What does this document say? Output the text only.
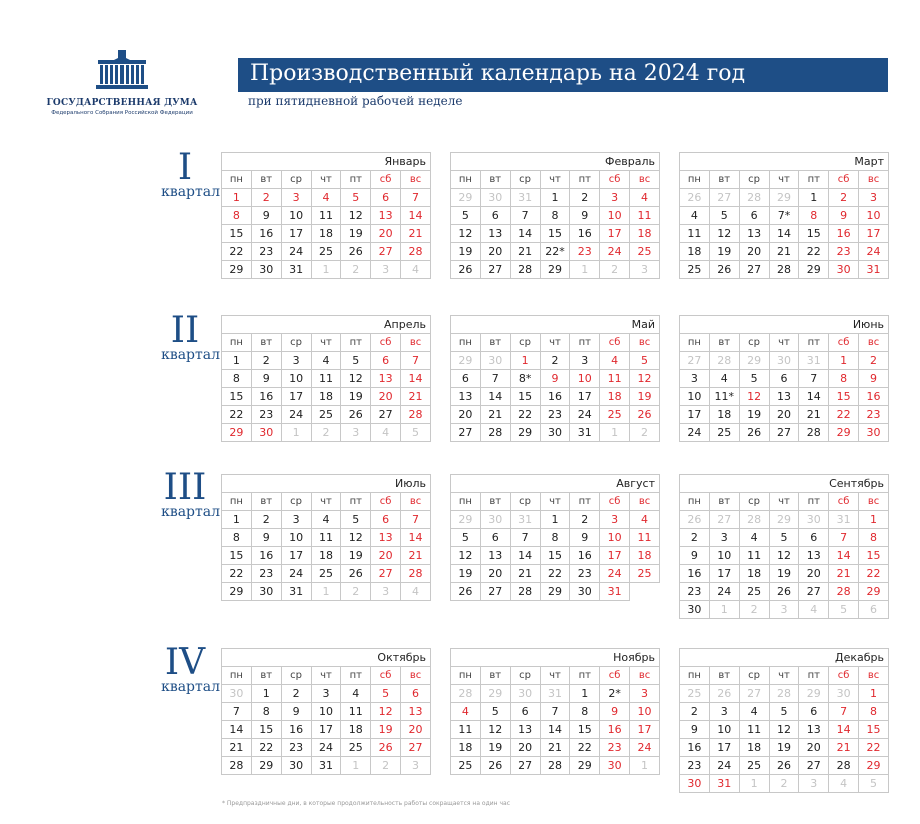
ГОСУДАРСТВЕННАЯ ДУМА
Федерального Собрания Российской Федерации
Производственный календарь на 2024 год
при пятидневной рабочей неделе
I
квартал
II
квартал
III
квартал
IV
квартал
Январь						
пн	вт	ср	чт	пт	сб	вс
1	2	3	4	5	6	7
8	9	10	11	12	13	14
15	16	17	18	19	20	21
22	23	24	25	26	27	28
29	30	31	1	2	3	4
Февраль						
пн	вт	ср	чт	пт	сб	вс
29	30	31	1	2	3	4
5	6	7	8	9	10	11
12	13	14	15	16	17	18
19	20	21	22*	23	24	25
26	27	28	29	1	2	3
Март						
пн	вт	ср	чт	пт	сб	вс
26	27	28	29	1	2	3
4	5	6	7*	8	9	10
11	12	13	14	15	16	17
18	19	20	21	22	23	24
25	26	27	28	29	30	31
Апрель						
пн	вт	ср	чт	пт	сб	вс
1	2	3	4	5	6	7
8	9	10	11	12	13	14
15	16	17	18	19	20	21
22	23	24	25	26	27	28
29	30	1	2	3	4	5
Май						
пн	вт	ср	чт	пт	сб	вс
29	30	1	2	3	4	5
6	7	8*	9	10	11	12
13	14	15	16	17	18	19
20	21	22	23	24	25	26
27	28	29	30	31	1	2
Июнь						
пн	вт	ср	чт	пт	сб	вс
27	28	29	30	31	1	2
3	4	5	6	7	8	9
10	11*	12	13	14	15	16
17	18	19	20	21	22	23
24	25	26	27	28	29	30
Июль						
пн	вт	ср	чт	пт	сб	вс
1	2	3	4	5	6	7
8	9	10	11	12	13	14
15	16	17	18	19	20	21
22	23	24	25	26	27	28
29	30	31	1	2	3	4
Август						
пн	вт	ср	чт	пт	сб	вс
29	30	31	1	2	3	4
5	6	7	8	9	10	11
12	13	14	15	16	17	18
19	20	21	22	23	24	25
26	27	28	29	30	31	
Сентябрь						
пн	вт	ср	чт	пт	сб	вс
26	27	28	29	30	31	1
2	3	4	5	6	7	8
9	10	11	12	13	14	15
16	17	18	19	20	21	22
23	24	25	26	27	28	29
30	1	2	3	4	5	6
Октябрь						
пн	вт	ср	чт	пт	сб	вс
30	1	2	3	4	5	6
7	8	9	10	11	12	13
14	15	16	17	18	19	20
21	22	23	24	25	26	27
28	29	30	31	1	2	3
Ноябрь						
пн	вт	ср	чт	пт	сб	вс
28	29	30	31	1	2*	3
4	5	6	7	8	9	10
11	12	13	14	15	16	17
18	19	20	21	22	23	24
25	26	27	28	29	30	1
Декабрь						
пн	вт	ср	чт	пт	сб	вс
25	26	27	28	29	30	1
2	3	4	5	6	7	8
9	10	11	12	13	14	15
16	17	18	19	20	21	22
23	24	25	26	27	28	29
30	31	1	2	3	4	5
* Предпраздничные дни, в которые продолжительность работы сокращается на один час
